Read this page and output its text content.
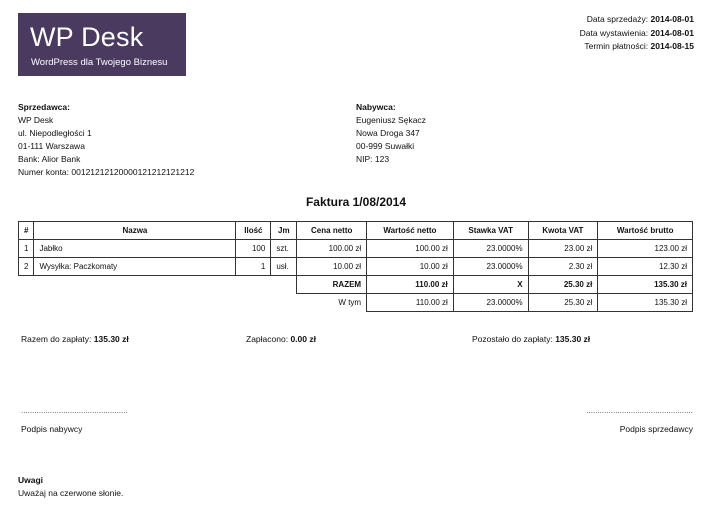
WP Desk
WordPress dla Twojego Biznesu
Data sprzedaży: 2014-08-01
Data wystawienia: 2014-08-01
Termin płatności: 2014-08-15
Sprzedawca:
WP Desk
ul. Niepodległości 1
01-111 Warszawa
Bank: Alior Bank
Numer konta: 00121212120000121212121212
Nabywca:
Eugeniusz Sękacz
Nowa Droga 347
00-999 Suwałki
NIP: 123
Faktura 1/08/2014
#	Nazwa	Ilość	Jm	Cena netto	Wartość netto	Stawka VAT	Kwota VAT	Wartość brutto
1	Jabłko	100	szt.	100.00 zł	100.00 zł	23.0000%	23.00 zł	123.00 zł
2	Wysyłka: Paczkomaty	1	usł.	10.00 zł	10.00 zł	23.0000%	2.30 zł	12.30 zł
				RAZEM	110.00 zł	X	25.30 zł	135.30 zł
				W tym	110.00 zł	23.0000%	25.30 zł	135.30 zł
Razem do zapłaty: 135.30 zł	Zapłacono: 0.00 zł	Pozostało do zapłaty: 135.30 zł
................................................	................................................
Podpis nabywcy	Podpis sprzedawcy
Uwagi
Uważaj na czerwone słonie.
